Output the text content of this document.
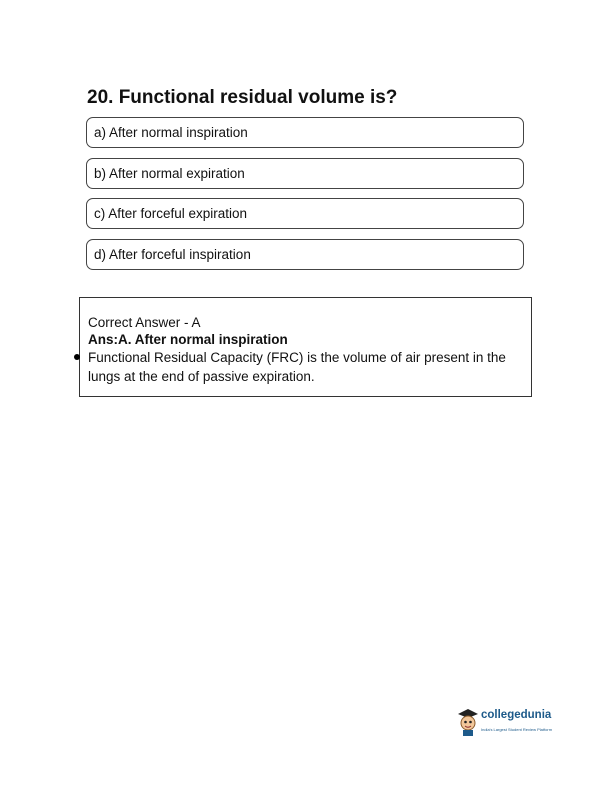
20. Functional residual volume is?
a) After normal inspiration
b) After normal expiration
c) After forceful expiration
d) After forceful inspiration
Correct Answer - A
Ans:A. After normal inspiration
Functional Residual Capacity (FRC) is the volume of air present in the lungs at the end of passive expiration.
collegedunia
India's Largest Student Review Platform
